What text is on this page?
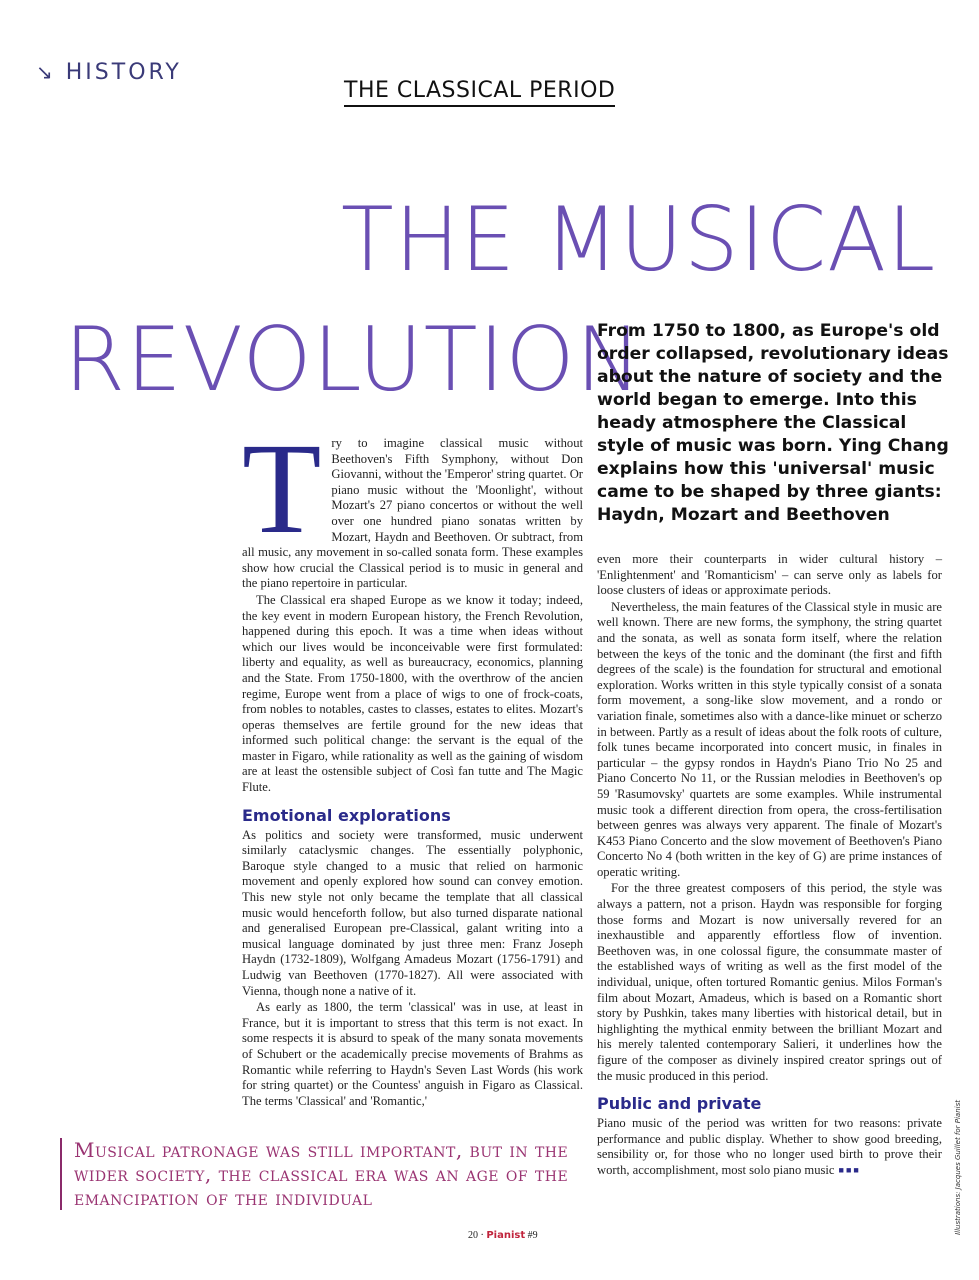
↘ HISTORY
THE CLASSICAL PERIOD
THE MUSICAL
REVOLUTION
From 1750 to 1800, as Europe's old order collapsed, revolutionary ideas about the nature of society and the world began to emerge. Into this heady atmosphere the Classical style of music was born. Ying Chang explains how this 'universal' music came to be shaped by three giants: Haydn, Mozart and Beethoven
T ry to imagine classical music without Beethoven's Fifth Symphony, without Don Giovanni, without the 'Emperor' string quartet. Or piano music without the 'Moonlight', without Mozart's 27 piano concertos or without the well over one hundred piano sonatas written by Mozart, Haydn and Beethoven. Or subtract, from all music, any movement in so-called sonata form. These examples show how crucial the Classical period is to music in general and the piano repertoire in particular.

The Classical era shaped Europe as we know it today; indeed, the key event in modern European history, the French Revolution, happened during this epoch. It was a time when ideas without which our lives would be inconceivable were first formulated: liberty and equality, as well as bureaucracy, economics, planning and the State. From 1750-1800, with the overthrow of the ancien regime, Europe went from a place of wigs to one of frock-coats, from nobles to notables, castes to classes, estates to elites. Mozart's operas themselves are fertile ground for the new ideas that informed such political change: the servant is the equal of the master in Figaro, while rationality as well as the gaining of wisdom are at least the ostensible subject of Così fan tutte and The Magic Flute.

Emotional explorations

As politics and society were transformed, music underwent similarly cataclysmic changes. The essentially polyphonic, Baroque style changed to a music that relied on harmonic movement and openly explored how sound can convey emotion. This new style not only became the template that all classical music would henceforth follow, but also turned disparate national and generalised European pre-Classical, galant writing into a musical language dominated by just three men: Franz Joseph Haydn (1732-1809), Wolfgang Amadeus Mozart (1756-1791) and Ludwig van Beethoven (1770-1827). All were associated with Vienna, though none a native of it.

As early as 1800, the term 'classical' was in use, at least in France, but it is important to stress that this term is not exact. In some respects it is absurd to speak of the many sonata movements of Schubert or the academically precise movements of Brahms as Romantic while referring to Haydn's Seven Last Words (his work for string quartet) or the Countess' anguish in Figaro as Classical. The terms 'Classical' and 'Romantic,'

even more their counterparts in wider cultural history – 'Enlightenment' and 'Romanticism' – can serve only as labels for loose clusters of ideas or approximate periods.

Nevertheless, the main features of the Classical style in music are well known. There are new forms, the symphony, the string quartet and the sonata, as well as sonata form itself, where the relation between the keys of the tonic and the dominant (the first and fifth degrees of the scale) is the foundation for structural and emotional exploration. Works written in this style typically consist of a sonata form movement, a song-like slow movement, and a rondo or variation finale, sometimes also with a dance-like minuet or scherzo in between. Partly as a result of ideas about the folk roots of culture, folk tunes became incorporated into concert music, in finales in particular – the gypsy rondos in Haydn's Piano Trio No 25 and Piano Concerto No 11, or the Russian melodies in Beethoven's op 59 'Rasumovsky' quartets are some examples. While instrumental music took a different direction from opera, the cross-fertilisation between genres was always very apparent. The finale of Mozart's K453 Piano Concerto and the slow movement of Beethoven's Piano Concerto No 4 (both written in the key of G) are prime instances of operatic writing.

For the three greatest composers of this period, the style was always a pattern, not a prison. Haydn was responsible for forging those forms and Mozart is now universally revered for an inexhaustible and apparently effortless flow of invention. Beethoven was, in one colossal figure, the consummate master of the established ways of writing as well as the first model of the individual, unique, often tortured Romantic genius. Milos Forman's film about Mozart, Amadeus, which is based on a Romantic short story by Pushkin, takes many liberties with historical detail, but in highlighting the mythical enmity between the brilliant Mozart and his merely talented contemporary Salieri, it underlines how the figure of the composer as divinely inspired creator springs out of the music produced in this period.

Public and private

Piano music of the period was written for two reasons: private performance and public display. Whether to show good breeding, sensibility or, for those who no longer used birth to prove their worth, accomplishment, most solo piano music ■■■

Musical patronage was still important, but in the wider society, the classical era was an age of the emancipation of the individual	Illustrations: Jacques Guillet for Pianist
20 · Pianist #9
